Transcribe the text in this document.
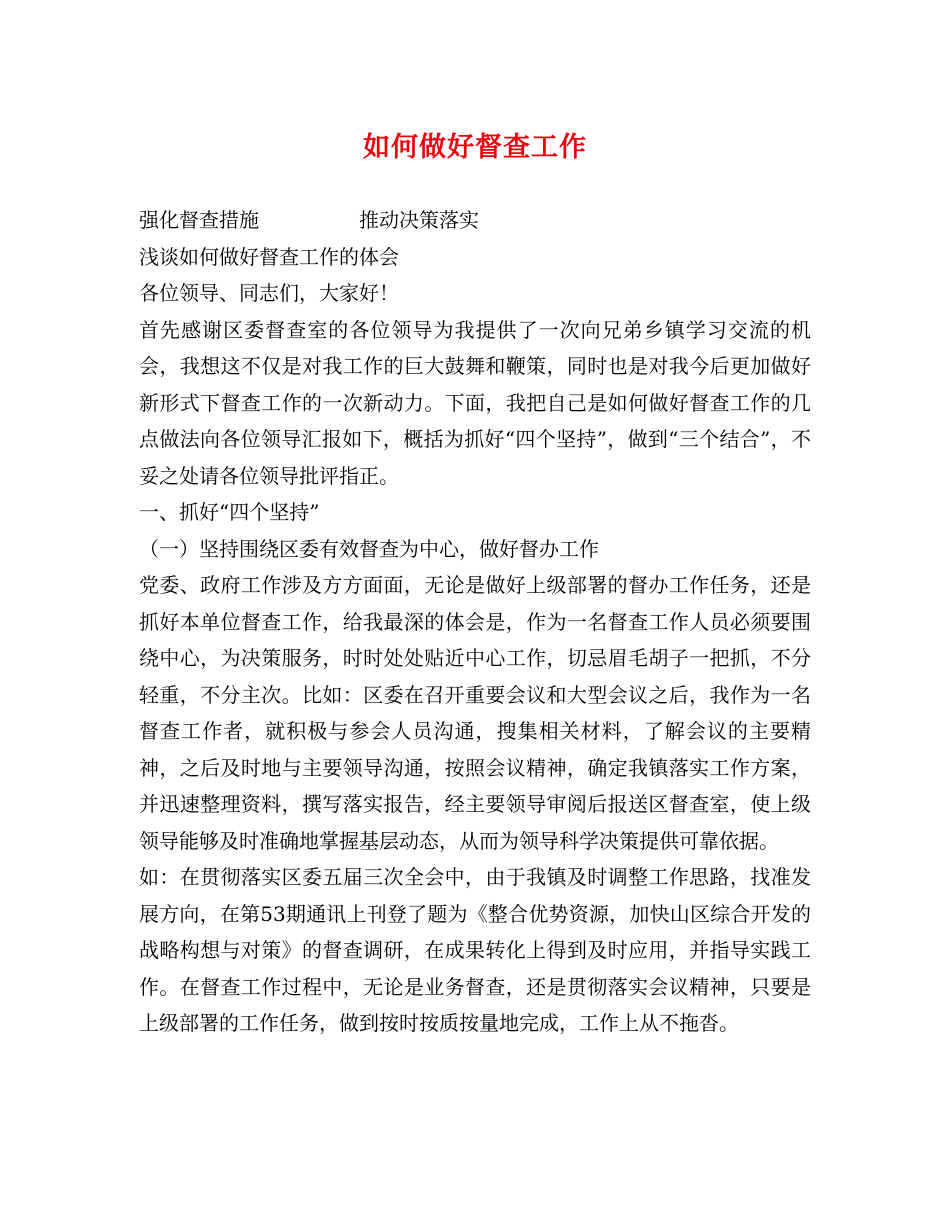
如何做好督查工作

强化督查措施	推动决策落实

浅谈如何做好督查工作的体会

各位领导、同志们，大家好！

首先感谢区委督查室的各位领导为我提供了一次向兄弟乡镇学习交流的机会，我想这不仅是对我工作的巨大鼓舞和鞭策，同时也是对我今后更加做好新形式下督查工作的一次新动力。下面，我把自己是如何做好督查工作的几点做法向各位领导汇报如下，概括为抓好“四个坚持”，做到“三个结合”，不妥之处请各位领导批评指正。

一、抓好“四个坚持”

（一）坚持围绕区委有效督查为中心，做好督办工作

党委、政府工作涉及方方面面，无论是做好上级部署的督办工作任务，还是抓好本单位督查工作，给我最深的体会是，作为一名督查工作人员必须要围绕中心，为决策服务，时时处处贴近中心工作，切忌眉毛胡子一把抓，不分轻重，不分主次。比如：区委在召开重要会议和大型会议之后，我作为一名督查工作者，就积极与参会人员沟通，搜集相关材料，了解会议的主要精神，之后及时地与主要领导沟通，按照会议精神，确定我镇落实工作方案，并迅速整理资料，撰写落实报告，经主要领导审阅后报送区督查室，使上级领导能够及时准确地掌握基层动态，从而为领导科学决策提供可靠依据。

如：在贯彻落实区委五届三次全会中，由于我镇及时调整工作思路，找准发展方向，在第53期通讯上刊登了题为《整合优势资源，加快山区综合开发的战略构想与对策》的督查调研，在成果转化上得到及时应用，并指导实践工作。在督查工作过程中，无论是业务督查，还是贯彻落实会议精神，只要是上级部署的工作任务，做到按时按质按量地完成，工作上从不拖沓。
